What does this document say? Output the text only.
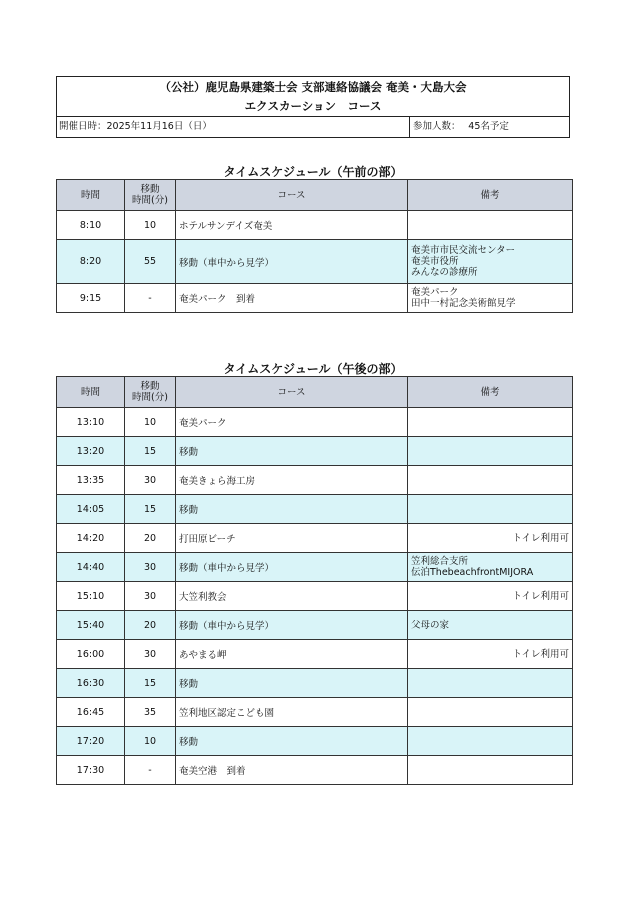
（公社）鹿児島県建築士会 支部連絡協議会 奄美・大島大会
エクスカーション　コース
開催日時：2025年11月16日（日）	参加人数：　 45名予定
タイムスケジュール（午前の部）
時間	移動
時間(分)	コース	備考
8:10	10	ホテルサンデイズ奄美	
8:20	55	移動（車中から見学）	奄美市市民交流センター
奄美市役所
みんなの診療所
9:15	-	奄美パーク　到着	奄美パーク
田中一村記念美術館見学
タイムスケジュール（午後の部）
時間	移動
時間(分)	コース	備考
13:10	10	奄美パーク	
13:20	15	移動	
13:35	30	奄美きょら海工房	
14:05	15	移動	
14:20	20	打田原ビーチ	トイレ利用可
14:40	30	移動（車中から見学）	笠利総合支所
伝泊ThebeachfrontMIJORA
15:10	30	大笠利教会	トイレ利用可
15:40	20	移動（車中から見学）	父母の家
16:00	30	あやまる岬	トイレ利用可
16:30	15	移動	
16:45	35	笠利地区認定こども園	
17:20	10	移動	
17:30	-	奄美空港　到着	
